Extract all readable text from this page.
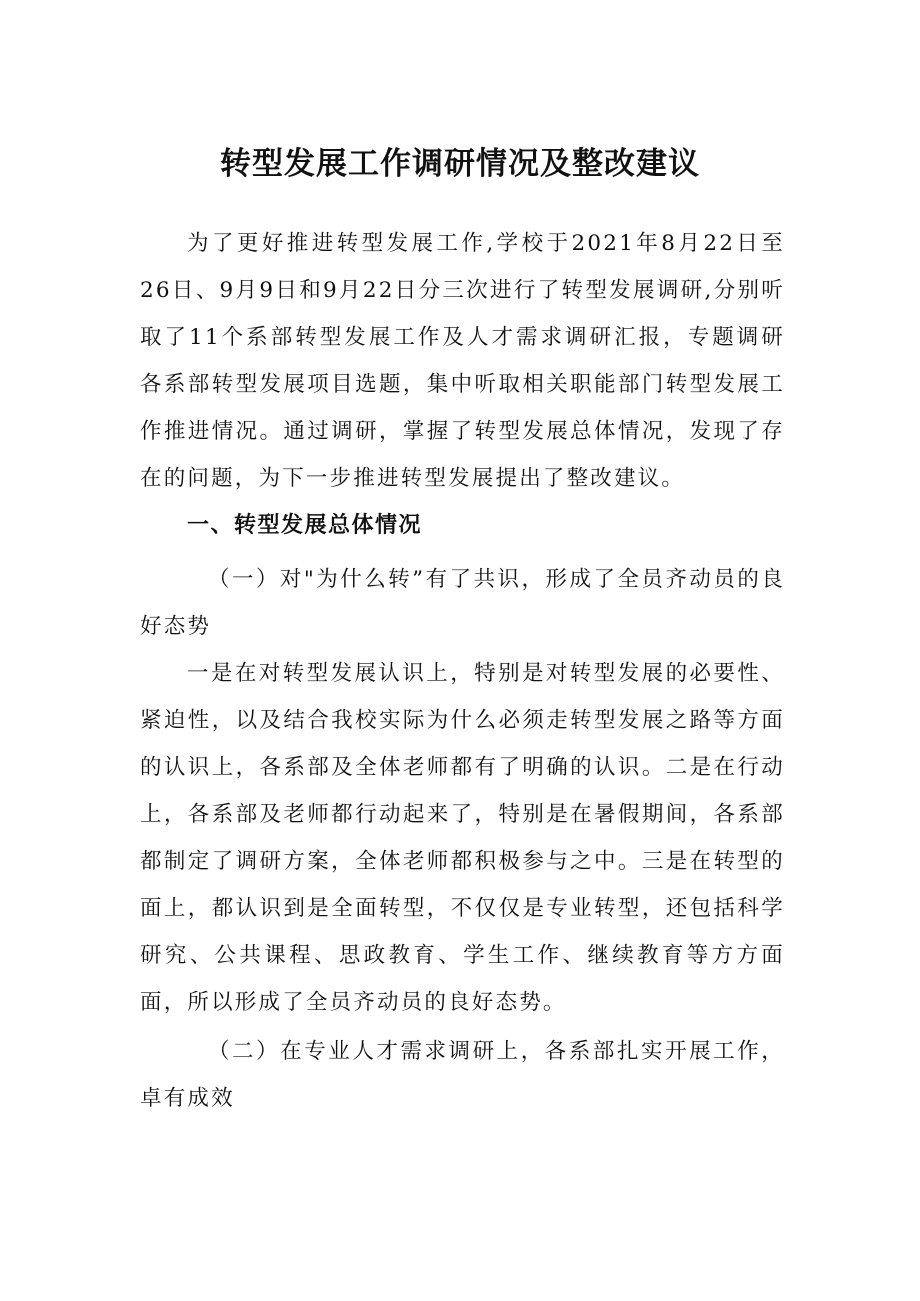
转型发展工作调研情况及整改建议

为了更好推进转型发展工作,学校于2021年8月22日至26日、9月9日和9月22日分三次进行了转型发展调研,分别听取了11个系部转型发展工作及人才需求调研汇报，专题调研各系部转型发展项目选题，集中听取相关职能部门转型发展工作推进情况。通过调研，掌握了转型发展总体情况，发现了存在的问题，为下一步推进转型发展提出了整改建议。

一、转型发展总体情况

（一）对"为什么转”有了共识，形成了全员齐动员的良好态势

一是在对转型发展认识上，特别是对转型发展的必要性、紧迫性，以及结合我校实际为什么必须走转型发展之路等方面的认识上，各系部及全体老师都有了明确的认识。二是在行动上，各系部及老师都行动起来了，特别是在暑假期间，各系部都制定了调研方案，全体老师都积极参与之中。三是在转型的面上，都认识到是全面转型，不仅仅是专业转型，还包括科学研究、公共课程、思政教育、学生工作、继续教育等方方面面，所以形成了全员齐动员的良好态势。

（二）在专业人才需求调研上，各系部扎实开展工作，卓有成效
